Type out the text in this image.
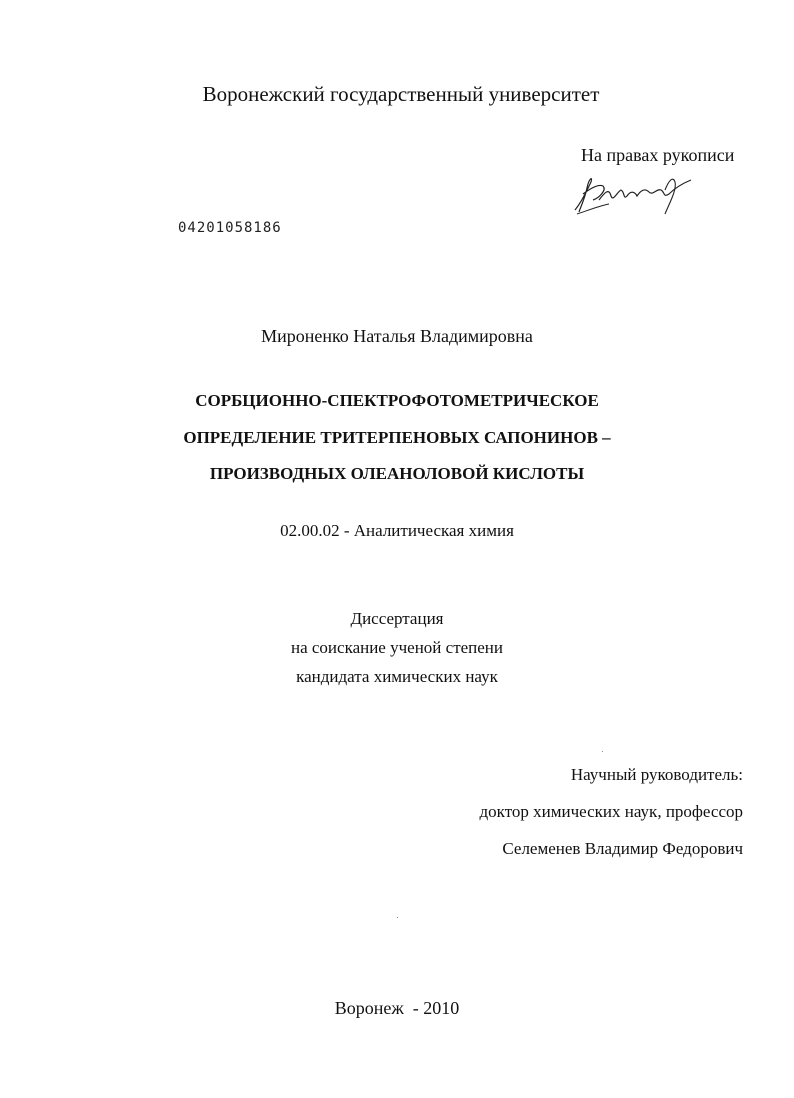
Воронежский государственный университет
На правах рукописи
04201058186
Мироненко Наталья Владимировна
СОРБЦИОННО-СПЕКТРОФОТОМЕТРИЧЕСКОЕ
ОПРЕДЕЛЕНИЕ ТРИТЕРПЕНОВЫХ САПОНИНОВ –
ПРОИЗВОДНЫХ ОЛЕАНОЛОВОЙ КИСЛОТЫ
02.00.02 - Аналитическая химия
Диссертация
на соискание ученой степени
кандидата химических наук
Научный руководитель:
доктор химических наук, профессор
Селеменев Владимир Федорович
Воронеж  - 2010
